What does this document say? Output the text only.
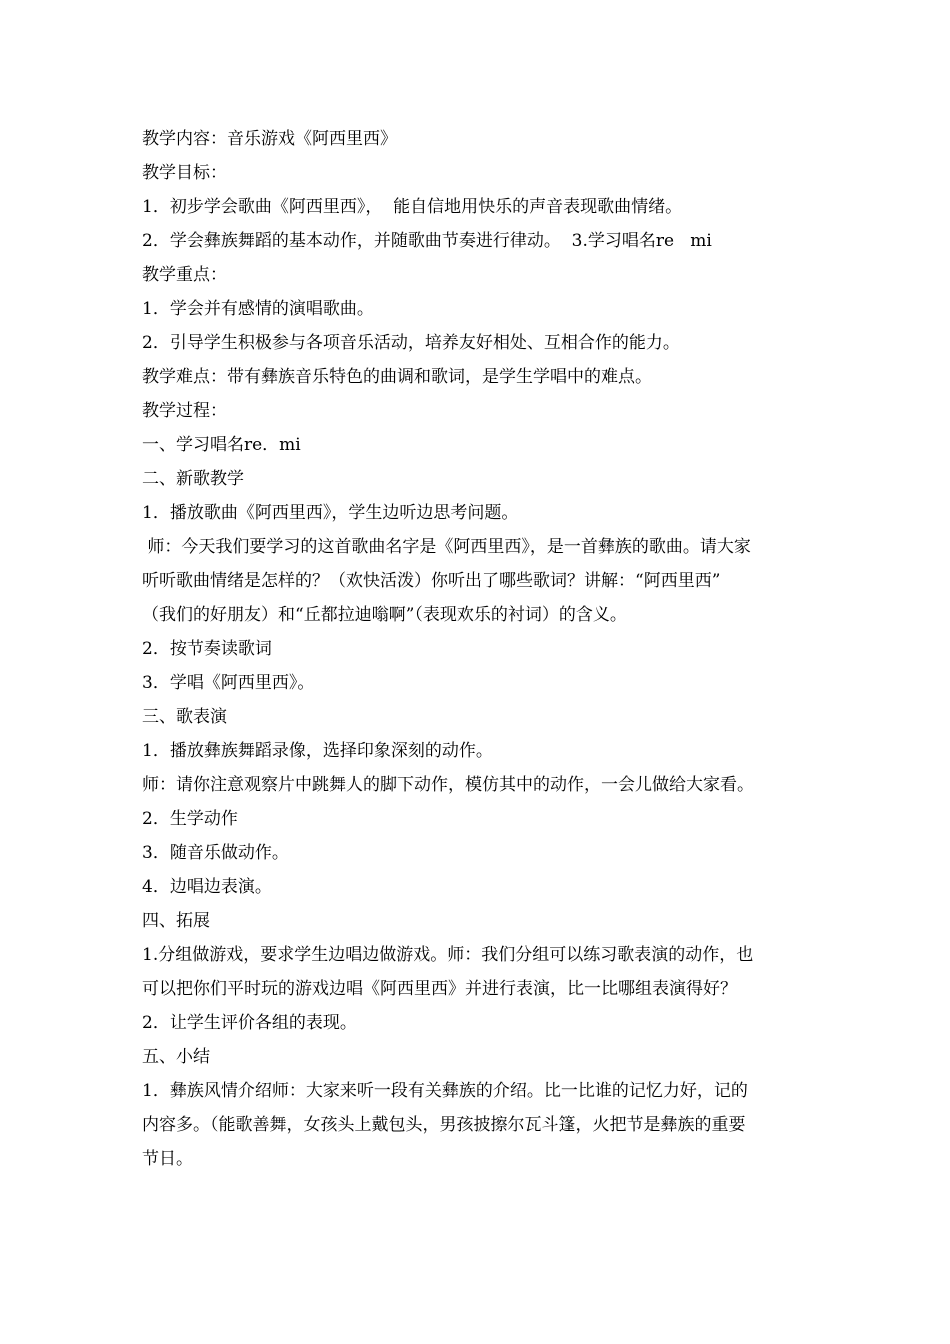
教学内容：音乐游戏《阿西里西》
教学目标：
1．初步学会歌曲《阿西里西》，  能自信地用快乐的声音表现歌曲情绪。
2．学会彝族舞蹈的基本动作，并随歌曲节奏进行律动。  3.学习唱名re   mi
教学重点：
1．学会并有感情的演唱歌曲。
2．引导学生积极参与各项音乐活动，培养友好相处、互相合作的能力。
教学难点：带有彝族音乐特色的曲调和歌词，是学生学唱中的难点。
教学过程：
一、学习唱名re．mi
二、新歌教学
1．播放歌曲《阿西里西》，学生边听边思考问题。
师：今天我们要学习的这首歌曲名字是《阿西里西》，是一首彝族的歌曲。请大家
听听歌曲情绪是怎样的？（欢快活泼）你听出了哪些歌词？讲解：“阿西里西”
（我们的好朋友）和“丘都拉迪嗡啊”（表现欢乐的衬词）的含义。
2．按节奏读歌词
3．学唱《阿西里西》。
三、歌表演
1．播放彝族舞蹈录像，选择印象深刻的动作。
师：请你注意观察片中跳舞人的脚下动作，模仿其中的动作，一会儿做给大家看。
2．生学动作
3．随音乐做动作。
4．边唱边表演。
四、拓展
1.分组做游戏，要求学生边唱边做游戏。师：我们分组可以练习歌表演的动作，也
可以把你们平时玩的游戏边唱《阿西里西》并进行表演，比一比哪组表演得好？
2．让学生评价各组的表现。
五、小结
1．彝族风情介绍师：大家来听一段有关彝族的介绍。比一比谁的记忆力好，记的
内容多。（能歌善舞，女孩头上戴包头，男孩披擦尔瓦斗篷，火把节是彝族的重要
节日。
